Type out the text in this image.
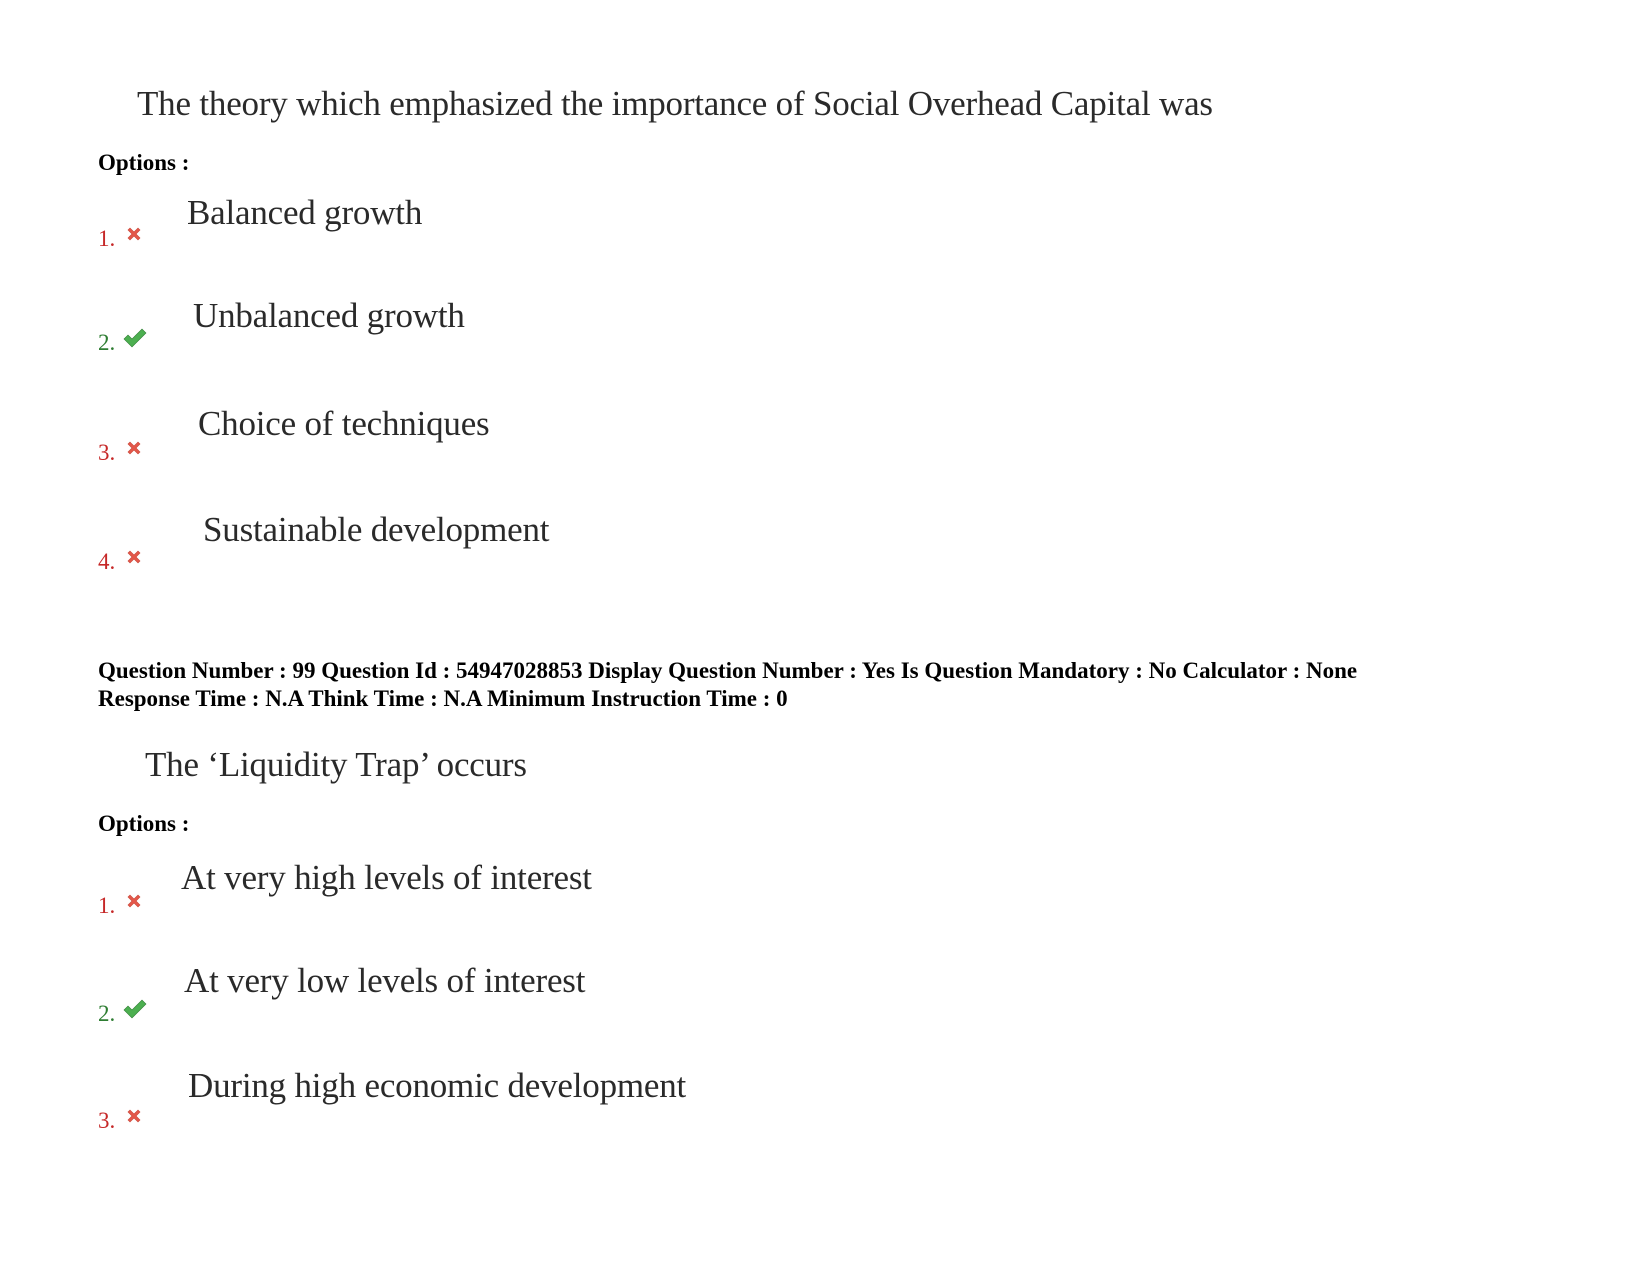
The theory which emphasized the importance of Social Overhead Capital was
Options :
1.
Balanced growth
2.
Unbalanced growth
3.
Choice of techniques
4.
Sustainable development
Question Number : 99 Question Id : 54947028853 Display Question Number : Yes Is Question Mandatory : No Calculator : None
Response Time : N.A Think Time : N.A Minimum Instruction Time : 0
The ‘Liquidity Trap’ occurs
Options :
1.
At very high levels of interest
2.
At very low levels of interest
3.
During high economic development
